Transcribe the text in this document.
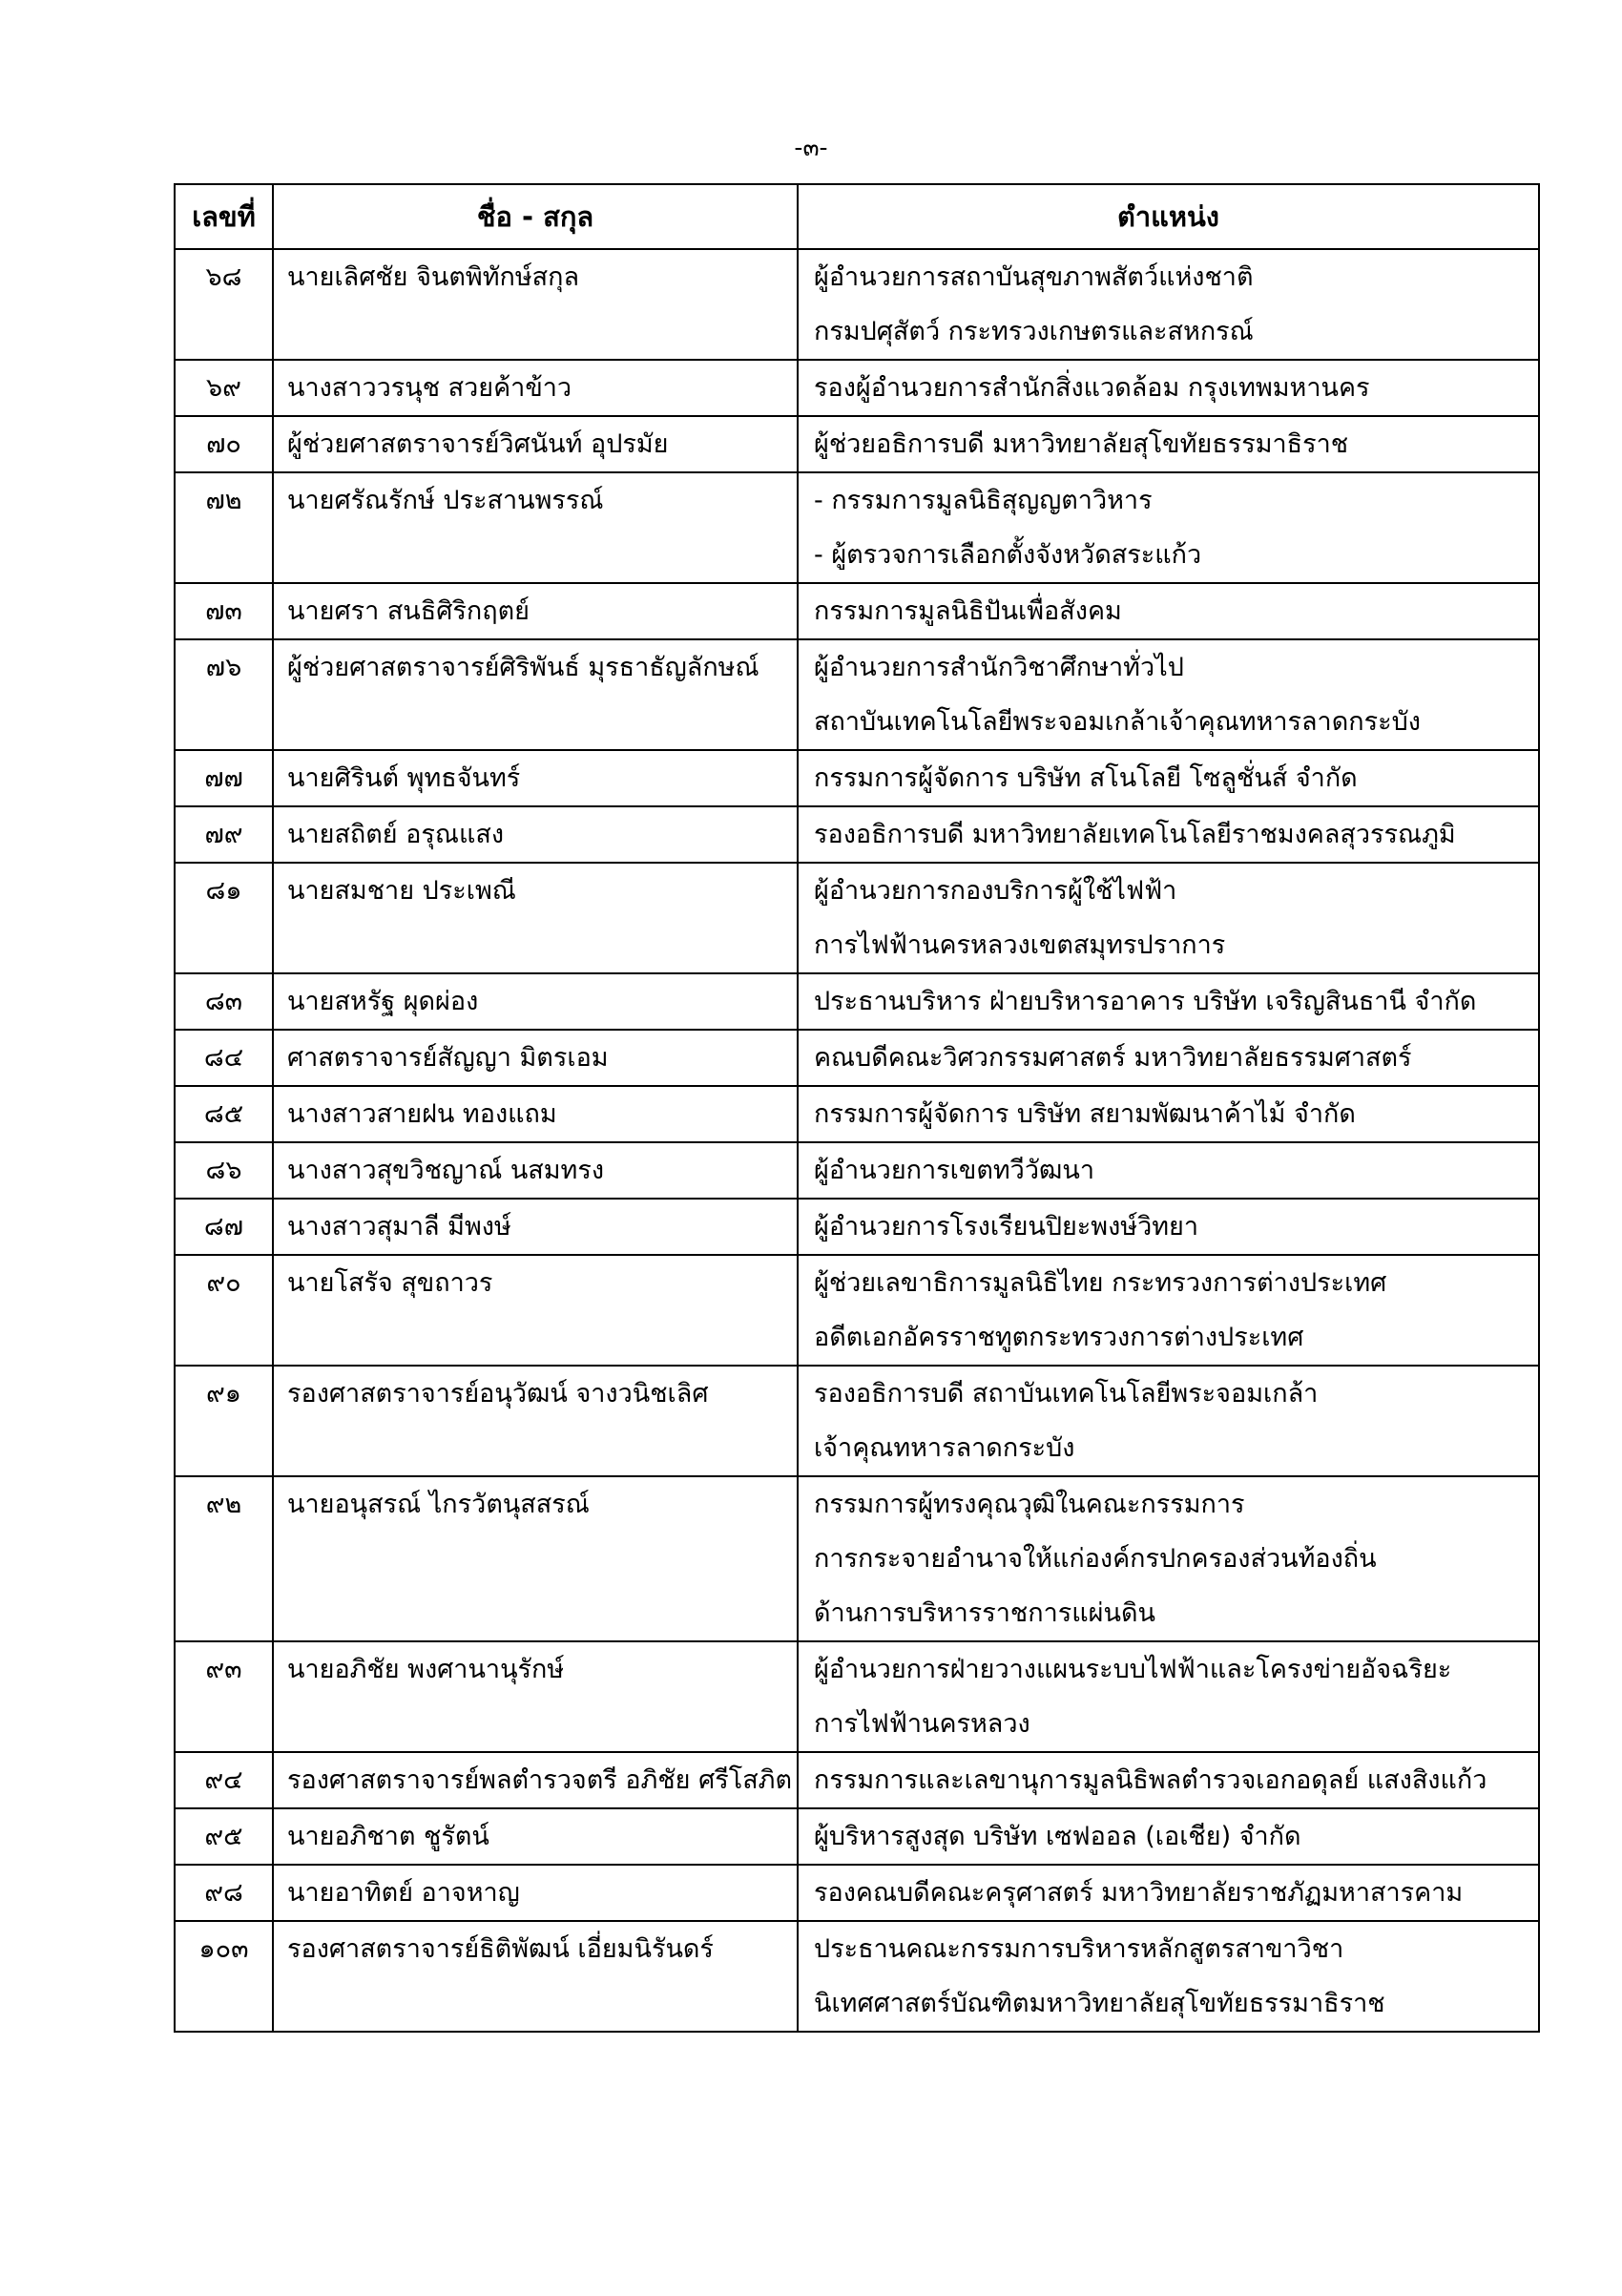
-๓-
เลขที่	ชื่อ - สกุล	ตำแหน่ง
๖๘	นายเลิศชัย จินตพิทักษ์สกุล	ผู้อำนวยการสถาบันสุขภาพสัตว์แห่งชาติ
กรมปศุสัตว์ กระทรวงเกษตรและสหกรณ์

๖๙	นางสาววรนุช สวยค้าข้าว	รองผู้อำนวยการสำนักสิ่งแวดล้อม กรุงเทพมหานคร

๗๐	ผู้ช่วยศาสตราจารย์วิศนันท์ อุปรมัย	ผู้ช่วยอธิการบดี มหาวิทยาลัยสุโขทัยธรรมาธิราช

๗๒	นายศรัณรักษ์ ประสานพรรณ์	- กรรมการมูลนิธิสุญญตาวิหาร
- ผู้ตรวจการเลือกตั้งจังหวัดสระแก้ว

๗๓	นายศรา สนธิศิริกฤตย์	กรรมการมูลนิธิปันเพื่อสังคม

๗๖	ผู้ช่วยศาสตราจารย์ศิริพันธ์ มุรธาธัญลักษณ์	ผู้อำนวยการสำนักวิชาศึกษาทั่วไป
สถาบันเทคโนโลยีพระจอมเกล้าเจ้าคุณทหารลาดกระบัง

๗๗	นายศิรินต์ พุทธจันทร์	กรรมการผู้จัดการ บริษัท สโนโลยี โซลูชั่นส์ จำกัด

๗๙	นายสถิตย์ อรุณแสง	รองอธิการบดี มหาวิทยาลัยเทคโนโลยีราชมงคลสุวรรณภูมิ

๘๑	นายสมชาย ประเพณี	ผู้อำนวยการกองบริการผู้ใช้ไฟฟ้า
การไฟฟ้านครหลวงเขตสมุทรปราการ

๘๓	นายสหรัฐ ผุดผ่อง	ประธานบริหาร ฝ่ายบริหารอาคาร บริษัท เจริญสินธานี จำกัด

๘๔	ศาสตราจารย์สัญญา มิตรเอม	คณบดีคณะวิศวกรรมศาสตร์ มหาวิทยาลัยธรรมศาสตร์

๘๕	นางสาวสายฝน ทองแถม	กรรมการผู้จัดการ บริษัท สยามพัฒนาค้าไม้ จำกัด

๘๖	นางสาวสุขวิชญาณ์ นสมทรง	ผู้อำนวยการเขตทวีวัฒนา

๘๗	นางสาวสุมาลี มีพงษ์	ผู้อำนวยการโรงเรียนปิยะพงษ์วิทยา

๙๐	นายโสรัจ สุขถาวร	ผู้ช่วยเลขาธิการมูลนิธิไทย กระทรวงการต่างประเทศ
อดีตเอกอัครราชทูตกระทรวงการต่างประเทศ

๙๑	รองศาสตราจารย์อนุวัฒน์ จางวนิชเลิศ	รองอธิการบดี สถาบันเทคโนโลยีพระจอมเกล้า
เจ้าคุณทหารลาดกระบัง

๙๒	นายอนุสรณ์ ไกรวัตนุสสรณ์	กรรมการผู้ทรงคุณวุฒิในคณะกรรมการ
การกระจายอำนาจให้แก่องค์กรปกครองส่วนท้องถิ่น
ด้านการบริหารราชการแผ่นดิน

๙๓	นายอภิชัย พงศานานุรักษ์	ผู้อำนวยการฝ่ายวางแผนระบบไฟฟ้าและโครงข่ายอัจฉริยะ
การไฟฟ้านครหลวง

๙๔	รองศาสตราจารย์พลตำรวจตรี อภิชัย ศรีโสภิต	กรรมการและเลขานุการมูลนิธิพลตำรวจเอกอดุลย์ แสงสิงแก้ว

๙๕	นายอภิชาต ชูรัตน์	ผู้บริหารสูงสุด บริษัท เซฟออล (เอเชีย) จำกัด

๙๘	นายอาทิตย์ อาจหาญ	รองคณบดีคณะครุศาสตร์ มหาวิทยาลัยราชภัฏมหาสารคาม

๑๐๓	รองศาสตราจารย์ธิติพัฒน์ เอี่ยมนิรันดร์	ประธานคณะกรรมการบริหารหลักสูตรสาขาวิชา
นิเทศศาสตร์บัณฑิตมหาวิทยาลัยสุโขทัยธรรมาธิราช
